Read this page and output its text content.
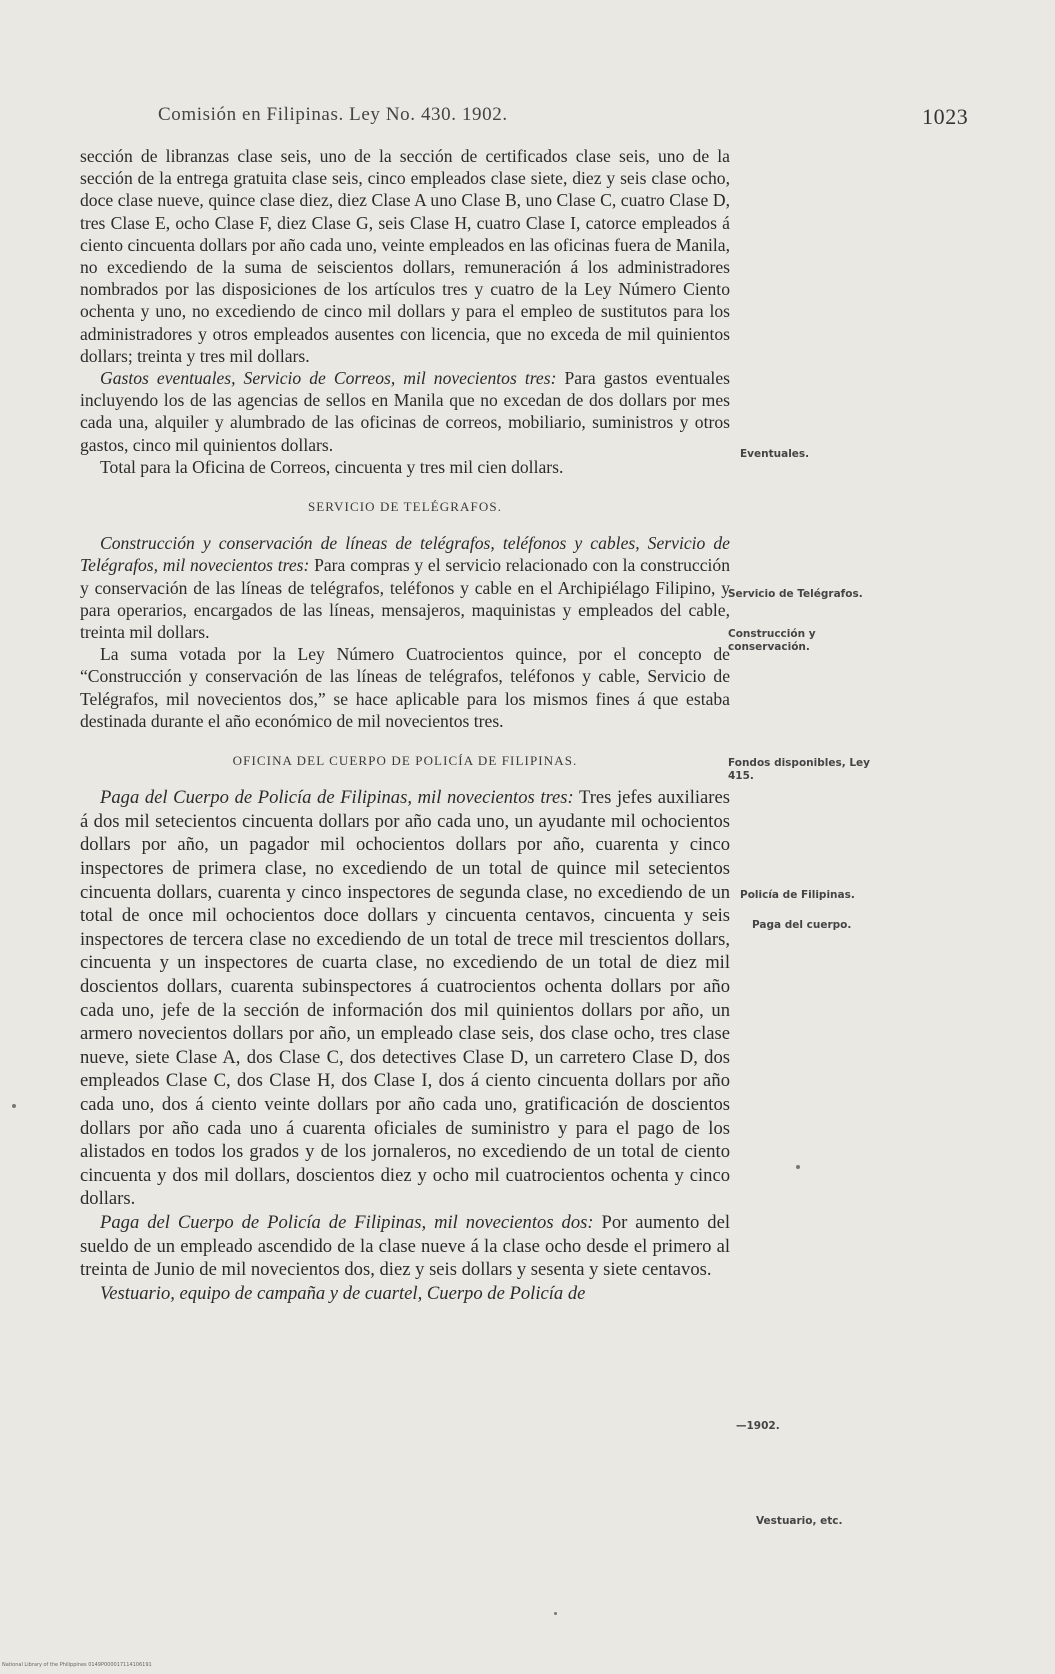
Comisión en Filipinas. Ley No. 430. 1902.	1023

sección de libranzas clase seis, uno de la sección de certificados clase seis, uno de la sección de la entrega gratuita clase seis, cinco empleados clase siete, diez y seis clase ocho, doce clase nueve, quince clase diez, diez Clase A uno Clase B, uno Clase C, cuatro Clase D, tres Clase E, ocho Clase F, diez Clase G, seis Clase H, cuatro Clase I, catorce empleados á ciento cincuenta dollars por año cada uno, veinte empleados en las oficinas fuera de Manila, no excediendo de la suma de seiscientos dollars, remuneración á los administradores nombrados por las disposiciones de los artículos tres y cuatro de la Ley Número Ciento ochenta y uno, no excediendo de cinco mil dollars y para el empleo de sustitutos para los administradores y otros empleados ausentes con licencia, que no exceda de mil quinientos dollars; treinta y tres mil dollars.

Gastos eventuales, Servicio de Correos, mil novecientos tres: Para gastos eventuales incluyendo los de las agencias de sellos en Manila que no excedan de dos dollars por mes cada una, alquiler y alumbrado de las oficinas de correos, mobiliario, suministros y otros gastos, cinco mil quinientos dollars.

Total para la Oficina de Correos, cincuenta y tres mil cien dollars.

SERVICIO DE TELÉGRAFOS.

Construcción y conservación de líneas de telégrafos, teléfonos y cables, Servicio de Telégrafos, mil novecientos tres: Para compras y el servicio relacionado con la construcción y conservación de las líneas de telégrafos, teléfonos y cable en el Archipiélago Filipino, y para operarios, encargados de las líneas, mensajeros, maquinistas y empleados del cable, treinta mil dollars.

La suma votada por la Ley Número Cuatrocientos quince, por el concepto de “Construcción y conservación de las líneas de telégrafos, teléfonos y cable, Servicio de Telégrafos, mil novecientos dos,” se hace aplicable para los mismos fines á que estaba destinada durante el año económico de mil novecientos tres.

OFICINA DEL CUERPO DE POLICÍA DE FILIPINAS.

Paga del Cuerpo de Policía de Filipinas, mil novecientos tres: Tres jefes auxiliares á dos mil setecientos cincuenta dollars por año cada uno, un ayudante mil ochocientos dollars por año, un pagador mil ochocientos dollars por año, cuarenta y cinco inspectores de primera clase, no excediendo de un total de quince mil setecientos cincuenta dollars, cuarenta y cinco inspectores de segunda clase, no excediendo de un total de once mil ochocientos doce dollars y cincuenta centavos, cincuenta y seis inspectores de tercera clase no excediendo de un total de trece mil trescientos dollars, cincuenta y un inspectores de cuarta clase, no excediendo de un total de diez mil doscientos dollars, cuarenta subinspectores á cuatrocientos ochenta dollars por año cada uno, jefe de la sección de información dos mil quinientos dollars por año, un armero novecientos dollars por año, un empleado clase seis, dos clase ocho, tres clase nueve, siete Clase A, dos Clase C, dos detectives Clase D, un carretero Clase D, dos empleados Clase C, dos Clase H, dos Clase I, dos á ciento cincuenta dollars por año cada uno, dos á ciento veinte dollars por año cada uno, gratificación de doscientos dollars por año cada uno á cuarenta oficiales de suministro y para el pago de los alistados en todos los grados y de los jornaleros, no excediendo de un total de ciento cincuenta y dos mil dollars, doscientos diez y ocho mil cuatrocientos ochenta y cinco dollars.

Paga del Cuerpo de Policía de Filipinas, mil novecientos dos: Por aumento del sueldo de un empleado ascendido de la clase nueve á la clase ocho desde el primero al treinta de Junio de mil novecientos dos, diez y seis dollars y sesenta y siete centavos.

Vestuario, equipo de campaña y de cuartel, Cuerpo de Policía de

Eventuales.
Servicio de Telégrafos.
Construcción y conservación.
Fondos disponibles, Ley 415.
Policía de Filipinas.
Paga del cuerpo.
—1902.
Vestuario, etc.
National Library of the Philippines 0149P000017114106191
